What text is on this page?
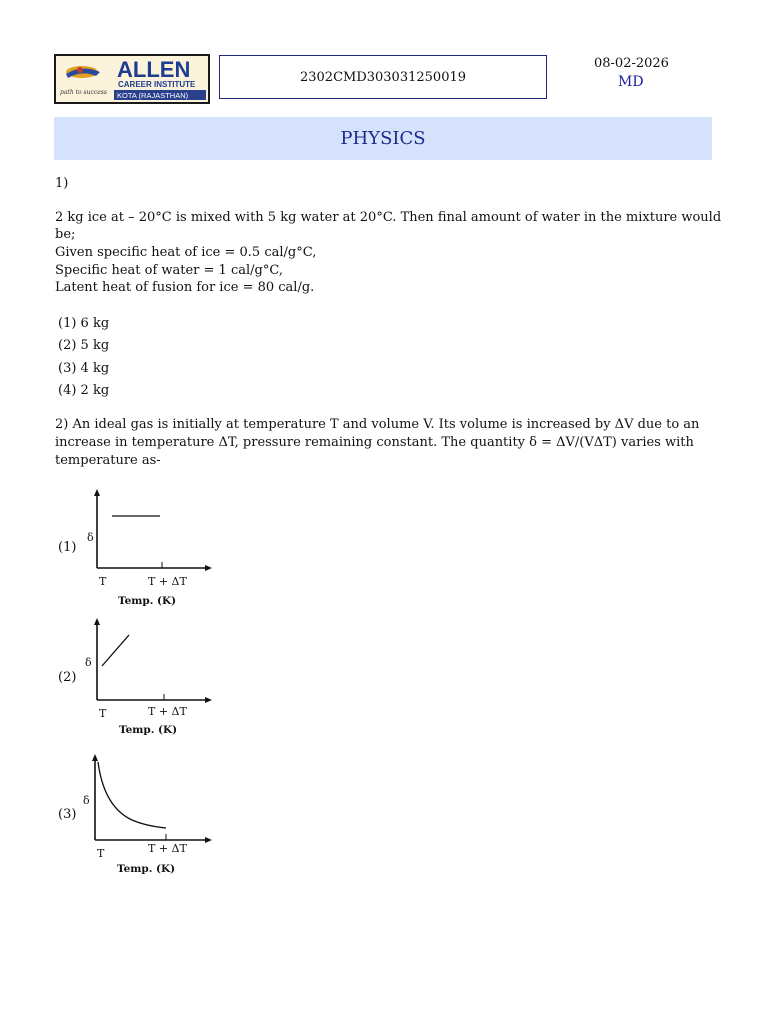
path to success
ALLEN
CAREER INSTITUTE
KOTA (RAJASTHAN)
2302CMD303031250019
08-02-2026
MD
PHYSICS
1)
2 kg ice at – 20°C is mixed with 5 kg water at 20°C. Then final amount of water in the mixture would
be;
Given specific heat of ice = 0.5 cal/g°C,
Specific heat of water = 1 cal/g°C,
Latent heat of fusion for ice = 80 cal/g.
(1) 6 kg
(2) 5 kg
(3) 4 kg
(4) 2 kg
2) An ideal gas is initially at temperature T and volume V. Its volume is increased by ΔV due to an
increase in temperature ΔT, pressure remaining constant. The quantity δ = ΔV/(VΔT) varies with
temperature as-
(1)
δ
T	T + ΔT
Temp. (K)
(2)
δ
T	T + ΔT
Temp. (K)
(3)
δ
T	T + ΔT
Temp. (K)
